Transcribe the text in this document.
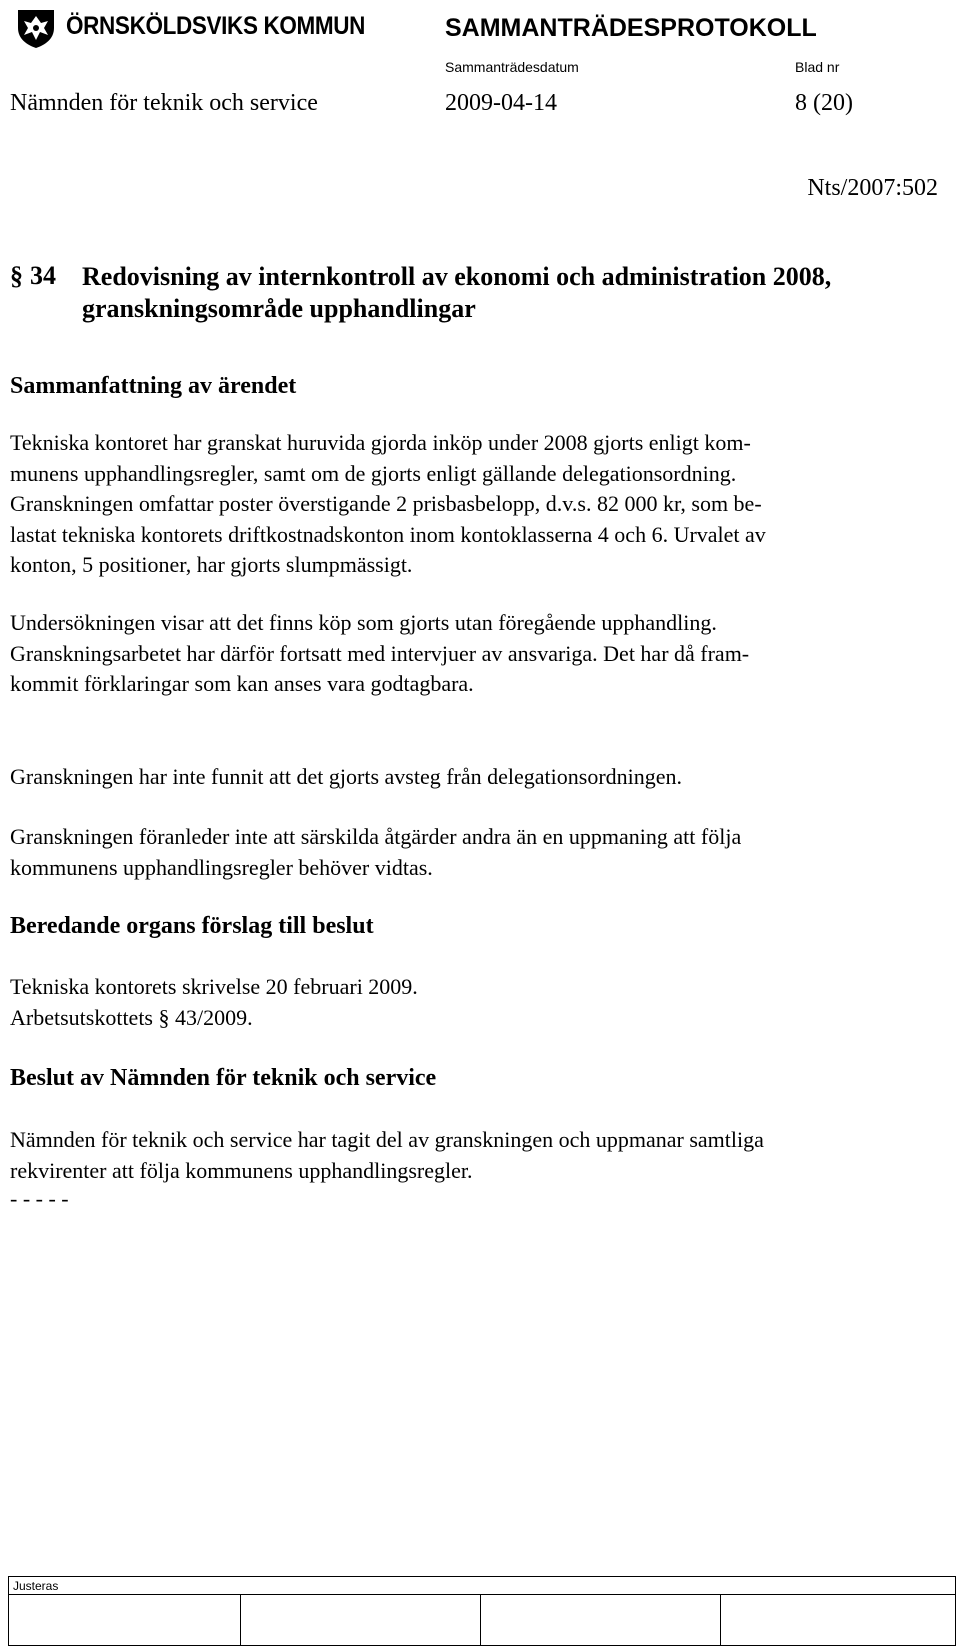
ÖRNSKÖLDSVIKS KOMMUN	SAMMANTRÄDESPROTOKOLL
Sammanträdesdatum	Blad nr
Nämnden för teknik och service	2009-04-14	8 (20)
Nts/2007:502
§ 34 Redovisning av internkontroll av ekonomi och administration 2008,
granskningsområde upphandlingar
Sammanfattning av ärendet
Tekniska kontoret har granskat huruvida gjorda inköp under 2008 gjorts enligt kom-
munens upphandlingsregler, samt om de gjorts enligt gällande delegationsordning.
Granskningen omfattar poster överstigande 2 prisbasbelopp, d.v.s. 82 000 kr, som be-
lastat tekniska kontorets driftkostnadskonton inom kontoklasserna 4 och 6. Urvalet av
konton, 5 positioner, har gjorts slumpmässigt.
Undersökningen visar att det finns köp som gjorts utan föregående upphandling.
Granskningsarbetet har därför fortsatt med intervjuer av ansvariga. Det har då fram-
kommit förklaringar som kan anses vara godtagbara.
Granskningen har inte funnit att det gjorts avsteg från delegationsordningen.
Granskningen föranleder inte att särskilda åtgärder andra än en uppmaning att följa
kommunens upphandlingsregler behöver vidtas.
Beredande organs förslag till beslut
Tekniska kontorets skrivelse 20 februari 2009.
Arbetsutskottets § 43/2009.
Beslut av Nämnden för teknik och service
Nämnden för teknik och service har tagit del av granskningen och uppmanar samtliga
rekvirenter att följa kommunens upphandlingsregler.
- - - - -
Justeras
